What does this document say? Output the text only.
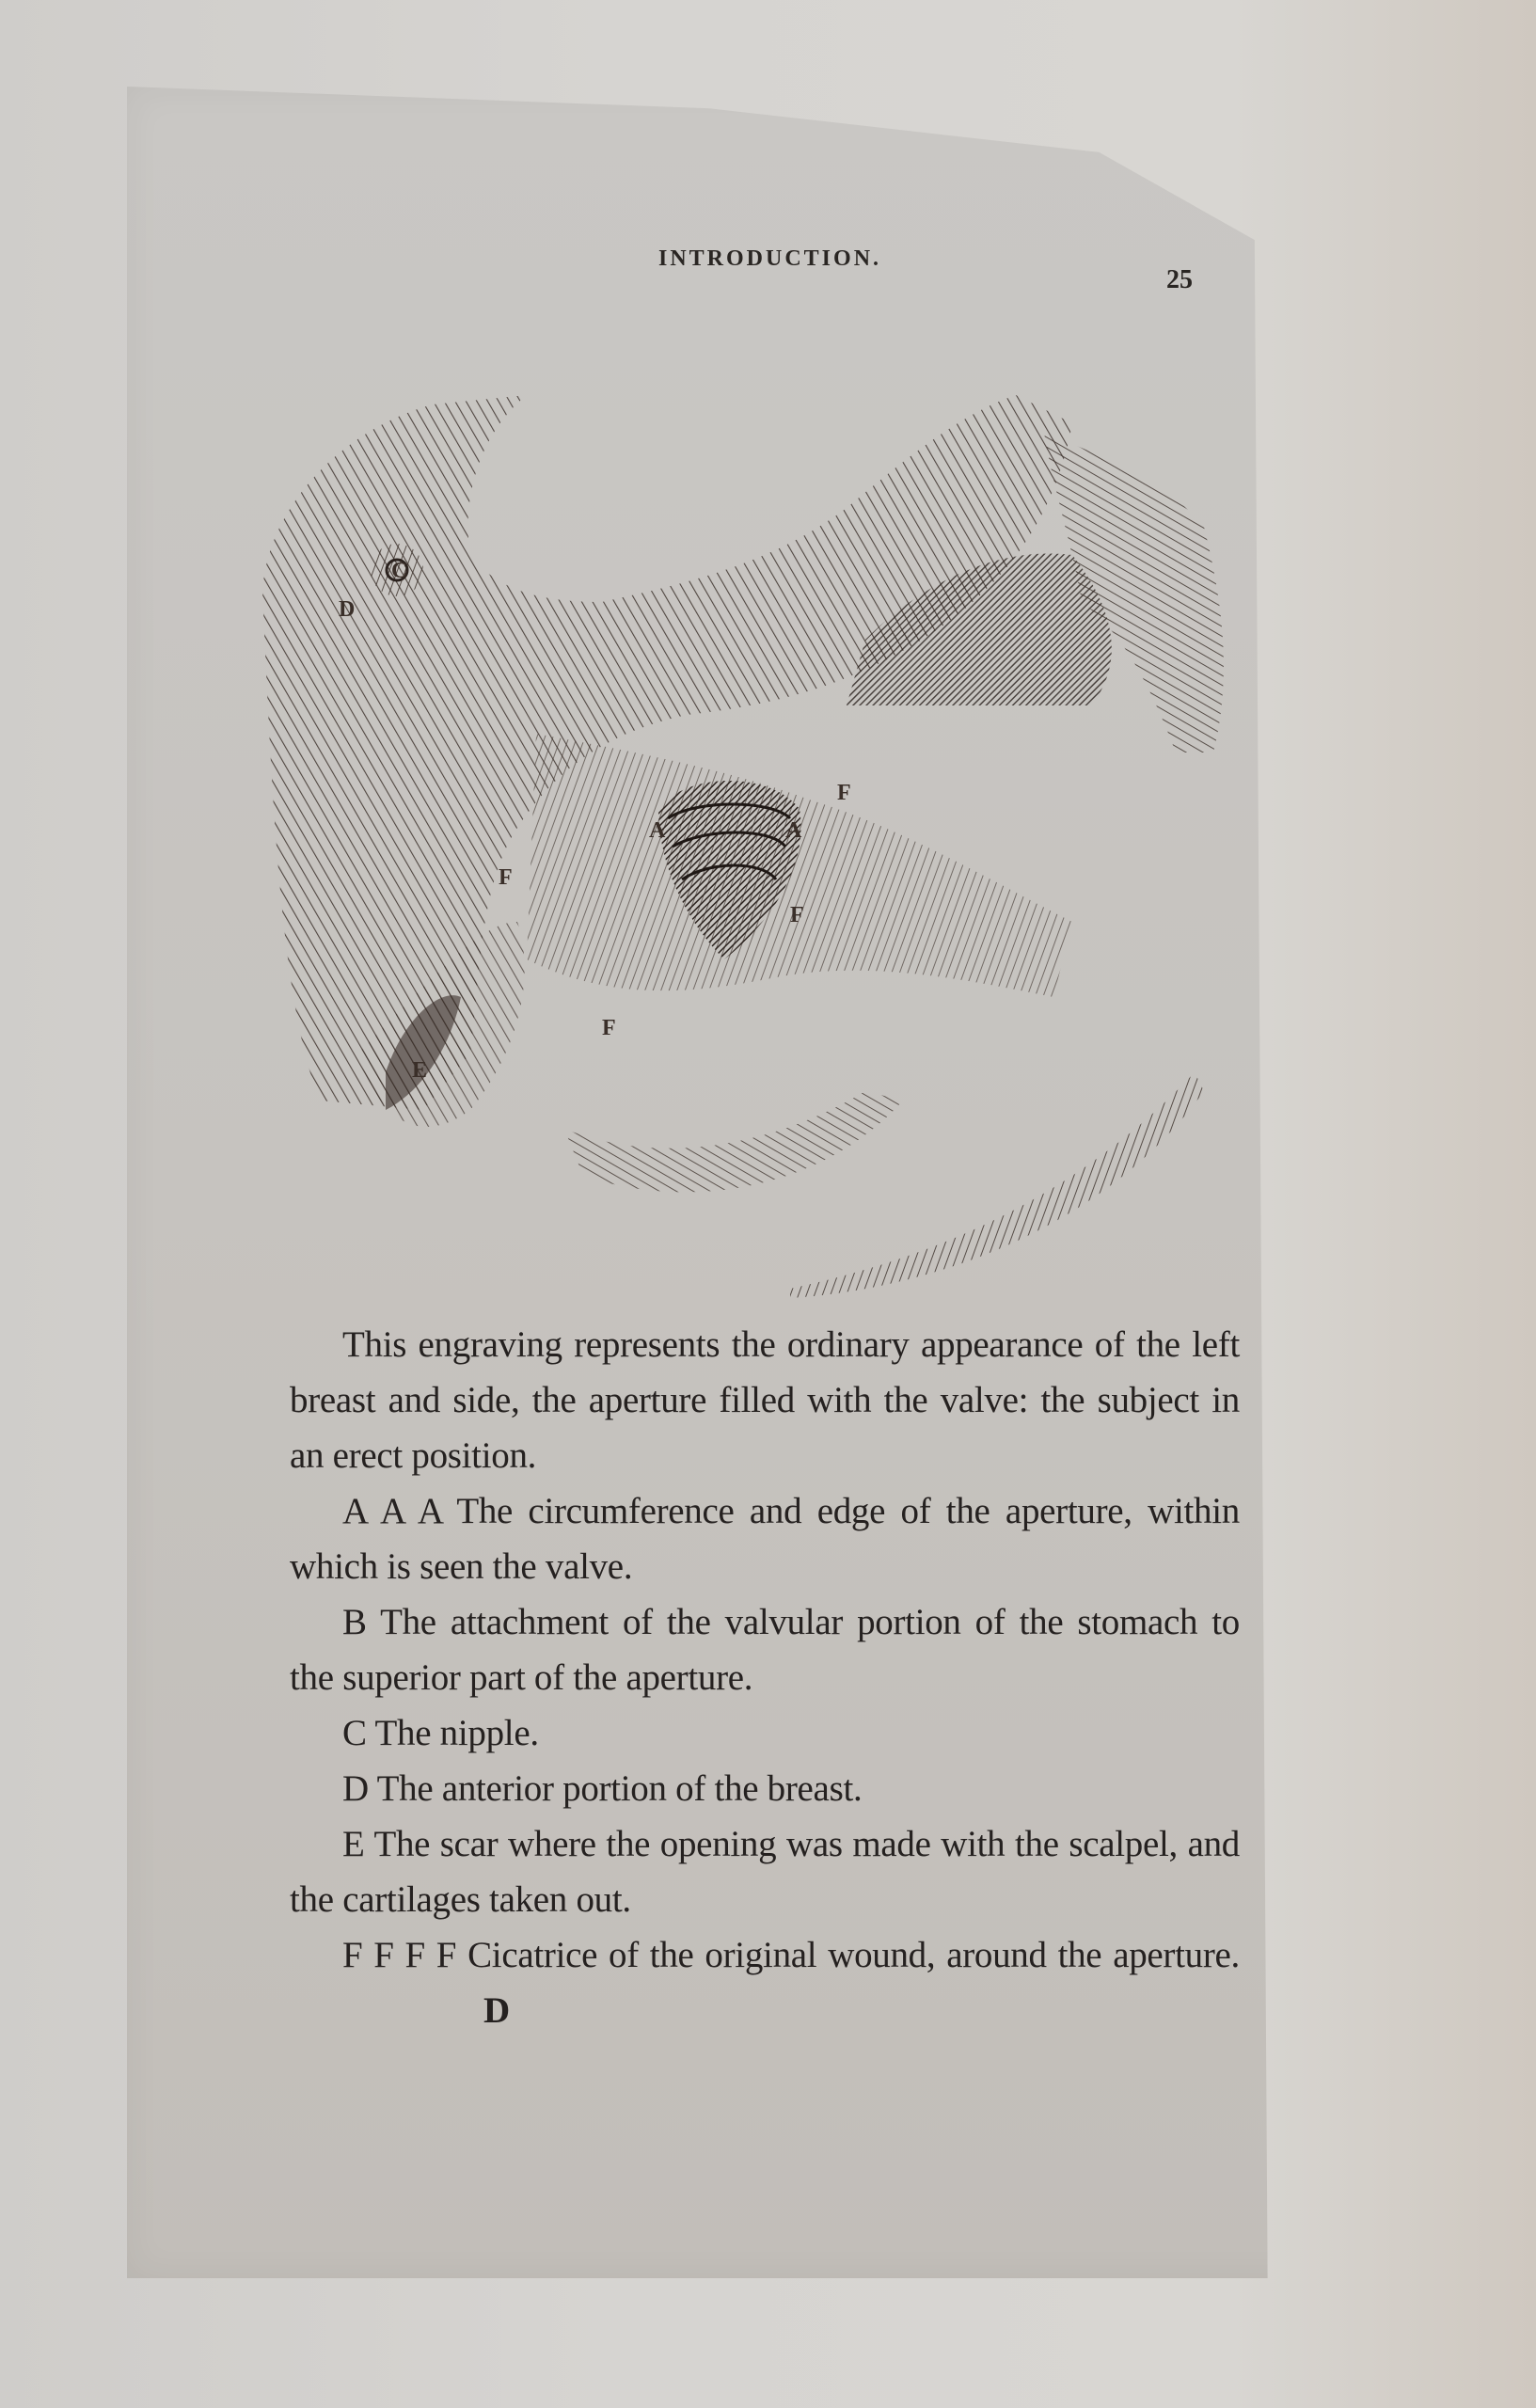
INTRODUCTION.
25
C
D
A	A
F
F
F
F
E

This engraving represents the ordinary appearance of the left breast and side, the aperture filled with the valve: the subject in an erect position.

A A A The circumference and edge of the aperture, within which is seen the valve.

B The attachment of the valvular portion of the stomach to the superior part of the aperture.

C The nipple.

D The anterior portion of the breast.

E The scar where the opening was made with the scalpel, and the cartilages taken out.

F F F F Cicatrice of the original wound, around the aperture. D
